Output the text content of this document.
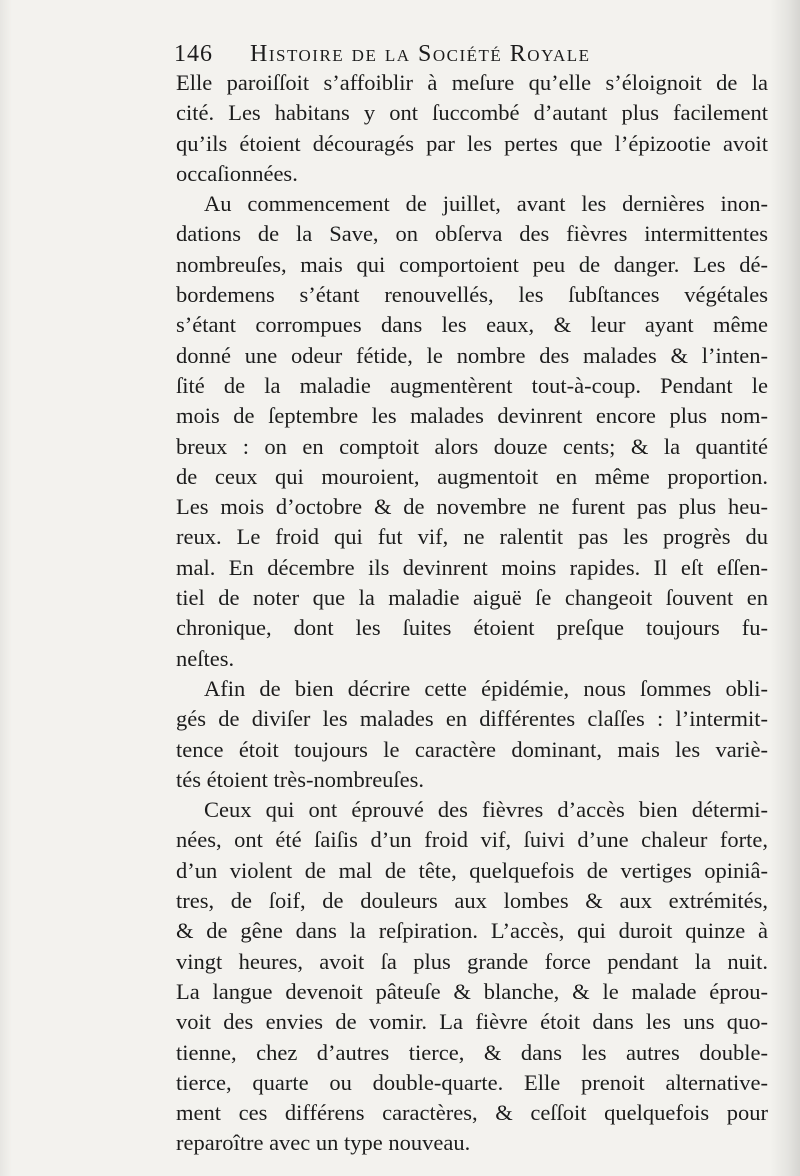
146 Histoire de la Société Royale
Elle paroiſſoit s’affoiblir à meſure qu’elle s’éloignoit de la
cité. Les habitans y ont ſuccombé d’autant plus facilement
qu’ils étoient découragés par les pertes que l’épizootie avoit
occaſionnées.
Au commencement de juillet, avant les dernières inon-
dations de la Save, on obſerva des fièvres intermittentes
nombreuſes, mais qui comportoient peu de danger. Les dé-
bordemens s’étant renouvellés, les ſubſtances végétales
s’étant corrompues dans les eaux, & leur ayant même
donné une odeur fétide, le nombre des malades & l’inten-
ſité de la maladie augmentèrent tout-à-coup. Pendant le
mois de ſeptembre les malades devinrent encore plus nom-
breux : on en comptoit alors douze cents; & la quantité
de ceux qui mouroient, augmentoit en même proportion.
Les mois d’octobre & de novembre ne furent pas plus heu-
reux. Le froid qui fut vif, ne ralentit pas les progrès du
mal. En décembre ils devinrent moins rapides. Il eſt eſſen-
tiel de noter que la maladie aiguë ſe changeoit ſouvent en
chronique, dont les ſuites étoient preſque toujours fu-
neſtes.
Afin de bien décrire cette épidémie, nous ſommes obli-
gés de diviſer les malades en différentes claſſes : l’intermit-
tence étoit toujours le caractère dominant, mais les variè-
tés étoient très-nombreuſes.
Ceux qui ont éprouvé des fièvres d’accès bien détermi-
nées, ont été ſaiſis d’un froid vif, ſuivi d’une chaleur forte,
d’un violent de mal de tête, quelquefois de vertiges opiniâ-
tres, de ſoif, de douleurs aux lombes & aux extrémités,
& de gêne dans la reſpiration. L’accès, qui duroit quinze à
vingt heures, avoit ſa plus grande force pendant la nuit.
La langue devenoit pâteuſe & blanche, & le malade éprou-
voit des envies de vomir. La fièvre étoit dans les uns quo-
tienne, chez d’autres tierce, & dans les autres double-
tierce, quarte ou double-quarte. Elle prenoit alternative-
ment ces différens caractères, & ceſſoit quelquefois pour
reparoître avec un type nouveau.
